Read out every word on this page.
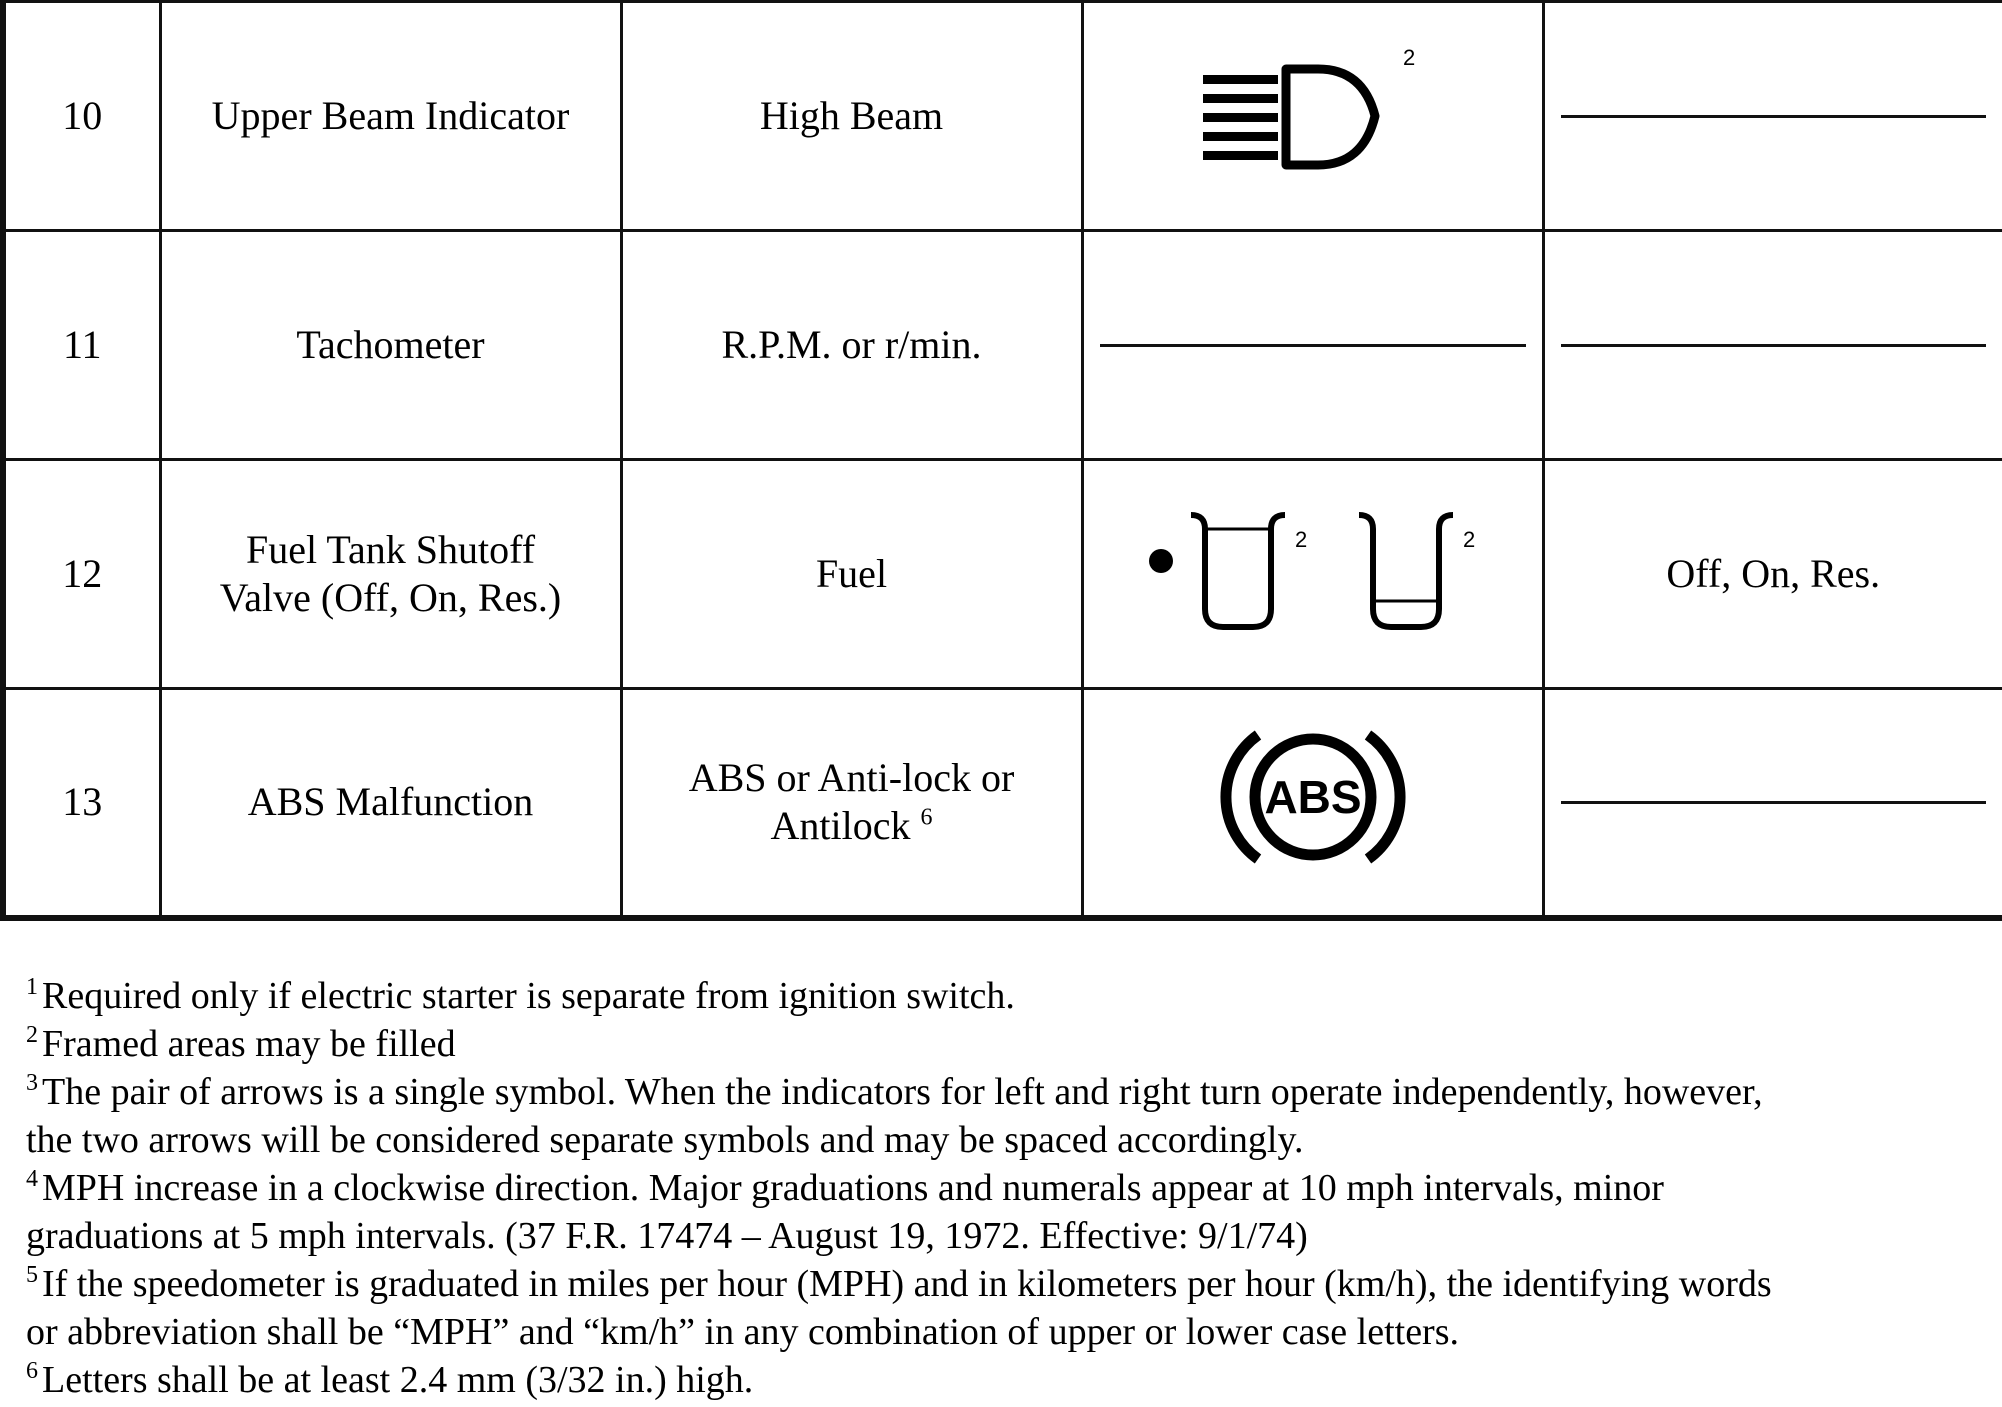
10	Upper Beam Indicator	High Beam	2	

11	Tachometer	R.P.M. or r/min.	

12	Fuel Tank Shutoff
Valve (Off, On, Res.)	Fuel	2 2	Off, On, Res.
13	ABS Malfunction	ABS or Anti-lock or
Antilock $^6$	ABS	

$^1$ Required only if electric starter is separate from ignition switch.
$^2$ Framed areas may be filled
$^3$ The pair of arrows is a single symbol. When the indicators for left and right turn operate independently, however,
the two arrows will be considered separate symbols and may be spaced accordingly.
$^4$ MPH increase in a clockwise direction. Major graduations and numerals appear at 10 mph intervals, minor
graduations at 5 mph intervals. (37 F.R. 17474 – August 19, 1972. Effective: 9/1/74)
$^5$ If the speedometer is graduated in miles per hour (MPH) and in kilometers per hour (km/h), the identifying words
or abbreviation shall be “MPH” and “km/h” in any combination of upper or lower case letters.
$^6$ Letters shall be at least 2.4 mm (3/32 in.) high.
